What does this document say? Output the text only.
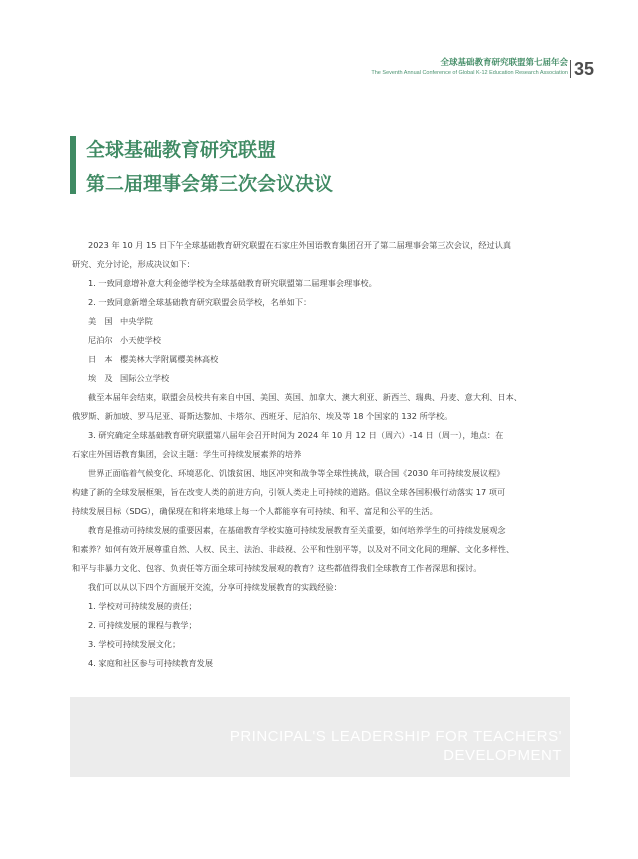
全球基础教育研究联盟第七届年会
The Seventh Annual Conference of Global K-12 Education Research Association 35
全球基础教育研究联盟
第二届理事会第三次会议决议

2023 年 10 月 15 日下午全球基础教育研究联盟在石家庄外国语教育集团召开了第二届理事会第三次会议，经过认真

研究、充分讨论，形成决议如下：

1. 一致同意增补意大利金德学校为全球基础教育研究联盟第二届理事会理事校。

2. 一致同意新增全球基础教育研究联盟会员学校，名单如下：

美　国 中央学院
尼泊尔 小天使学校
日　本 樱美林大学附属樱美林高校
埃　及 国际公立学校

截至本届年会结束，联盟会员校共有来自中国、美国、英国、加拿大、澳大利亚、新西兰、瑞典、丹麦、意大利、日本、

俄罗斯、新加坡、罗马尼亚、哥斯达黎加、卡塔尔、西班牙、尼泊尔、埃及等 18 个国家的 132 所学校。

3. 研究确定全球基础教育研究联盟第八届年会召开时间为 2024 年 10 月 12 日（周六）-14 日（周一），地点：在

石家庄外国语教育集团，会议主题：学生可持续发展素养的培养

世界正面临着气候变化、环境恶化、饥饿贫困、地区冲突和战争等全球性挑战，联合国《2030 年可持续发展议程》

构建了新的全球发展框架，旨在改变人类的前进方向，引领人类走上可持续的道路。倡议全球各国积极行动落实 17 项可

持续发展目标（SDG），确保现在和将来地球上每一个人都能享有可持续、和平、富足和公平的生活。

教育是推动可持续发展的重要因素，在基础教育学校实施可持续发展教育至关重要，如何培养学生的可持续发展观念

和素养？如何有效开展尊重自然、人权、民主、法治、非歧视、公平和性别平等，以及对不同文化间的理解、文化多样性、

和平与非暴力文化、包容、负责任等方面全球可持续发展观的教育？这些都值得我们全球教育工作者深思和探讨。

我们可以从以下四个方面展开交流，分享可持续发展教育的实践经验：

1. 学校对可持续发展的责任；

2. 可持续发展的课程与教学；

3. 学校可持续发展文化；

4. 家庭和社区参与可持续教育发展

PRINCIPAL'S LEADERSHIP FOR TEACHERS'
DEVELOPMENT
